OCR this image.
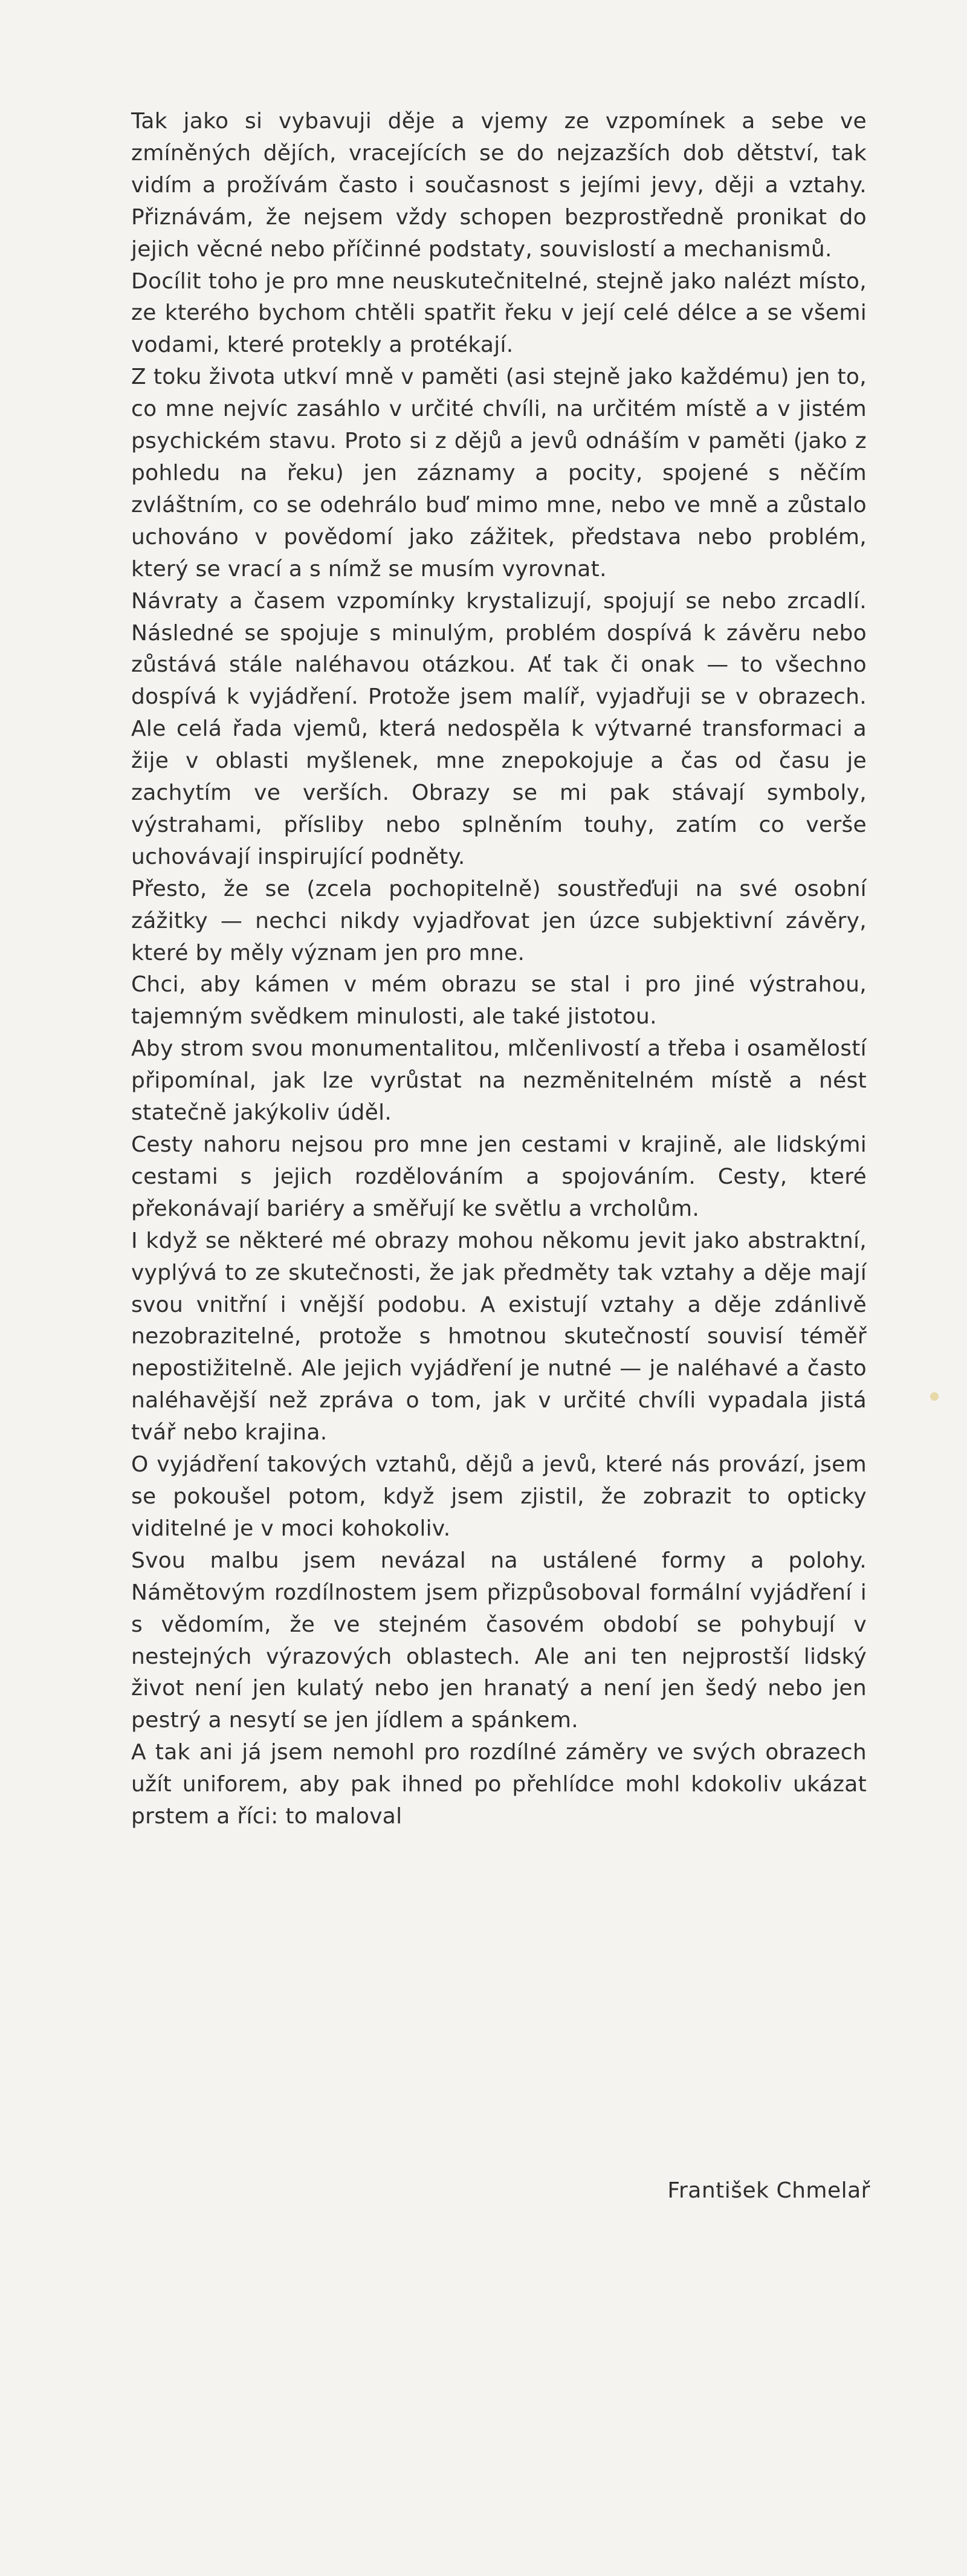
Tak jako si vybavuji děje a vjemy ze vzpomínek a sebe ve zmíněných dějích, vracejících se do nejzazších dob dětství, tak vidím a prožívám často i současnost s jejími jevy, ději a vztahy. Přiznávám, že nejsem vždy schopen bezprostředně pronikat do jejich věcné nebo příčinné podstaty, souvislostí a mechanismů.

Docílit toho je pro mne neuskutečnitelné, stejně jako nalézt místo, ze kterého bychom chtěli spatřit řeku v její celé délce a se všemi vodami, které protekly a protékají.

Z toku života utkví mně v paměti (asi stejně jako každému) jen to, co mne nejvíc zasáhlo v určité chvíli, na určitém místě a v jistém psychickém stavu. Proto si z dějů a jevů odnáším v paměti (jako z pohledu na řeku) jen záznamy a pocity, spojené s něčím zvláštním, co se odehrálo buď mimo mne, nebo ve mně a zůstalo uchováno v povědomí jako zážitek, představa nebo problém, který se vrací a s nímž se musím vyrovnat.

Návraty a časem vzpomínky krystalizují, spojují se nebo zrcadlí. Následné se spojuje s minulým, problém dospívá k závěru nebo zůstává stále naléhavou otázkou. Ať tak či onak — to všechno dospívá k vyjádření. Protože jsem malíř, vyjadřuji se v obrazech. Ale celá řada vjemů, která nedospěla k výtvarné transformaci a žije v oblasti myšlenek, mne znepokojuje a čas od času je zachytím ve verších. Obrazy se mi pak stávají symboly, výstrahami, přísliby nebo splněním touhy, zatím co verše uchovávají inspirující podněty.

Přesto, že se (zcela pochopitelně) soustřeďuji na své osobní zážitky — nechci nikdy vyjadřovat jen úzce subjektivní závěry, které by měly význam jen pro mne.

Chci, aby kámen v mém obrazu se stal i pro jiné výstrahou, tajemným svědkem minulosti, ale také jistotou.

Aby strom svou monumentalitou, mlčenlivostí a třeba i osamělostí připomínal, jak lze vyrůstat na nezměnitelném místě a nést statečně jakýkoliv úděl.

Cesty nahoru nejsou pro mne jen cestami v krajině, ale lidskými cestami s jejich rozdělováním a spojováním. Cesty, které překonávají bariéry a směřují ke světlu a vrcholům.

I když se některé mé obrazy mohou někomu jevit jako abstraktní, vyplývá to ze skutečnosti, že jak předměty tak vztahy a děje mají svou vnitřní i vnější podobu. A existují vztahy a děje zdánlivě nezobrazitelné, protože s hmotnou skutečností souvisí téměř nepostižitelně. Ale jejich vyjádření je nutné — je naléhavé a často naléhavější než zpráva o tom, jak v určité chvíli vypadala jistá tvář nebo krajina.

O vyjádření takových vztahů, dějů a jevů, které nás provází, jsem se pokoušel potom, když jsem zjistil, že zobrazit to opticky viditelné je v moci kohokoliv.

Svou malbu jsem nevázal na ustálené formy a polohy. Námětovým rozdílnostem jsem přizpůsoboval formální vyjádření i s vědomím, že ve stejném časovém období se pohybují v nestejných výrazových oblastech. Ale ani ten nejprostší lidský život není jen kulatý nebo jen hranatý a není jen šedý nebo jen pestrý a nesytí se jen jídlem a spánkem.

A tak ani já jsem nemohl pro rozdílné záměry ve svých obrazech užít uniforem, aby pak ihned po přehlídce mohl kdokoliv ukázat prstem a říci: to maloval

František Chmelař
